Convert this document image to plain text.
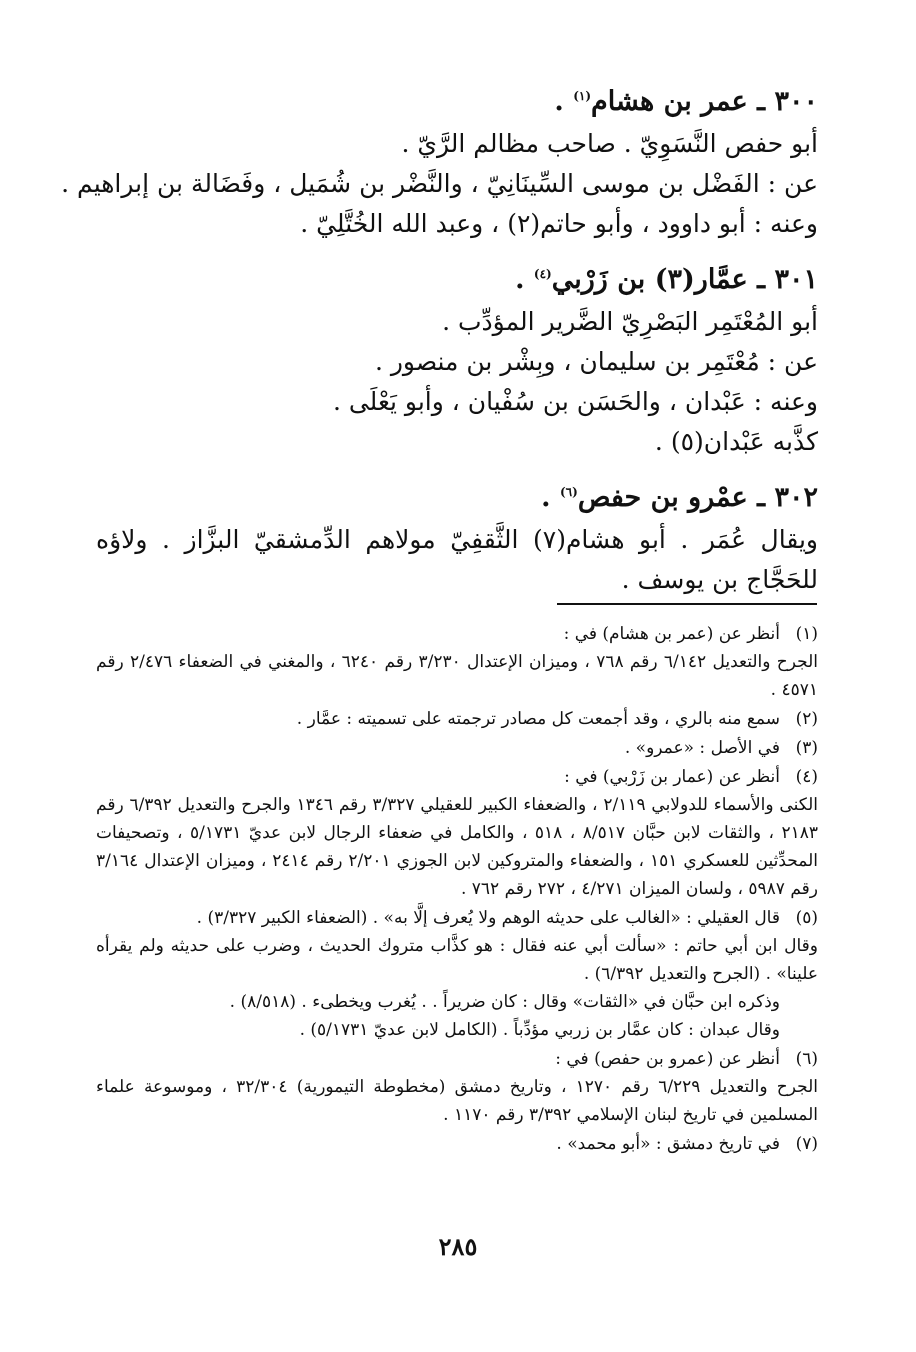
٣٠٠ ـ عمر بن هشام$^{(١)}$ .
أبو حفص النَّسَوِيّ . صاحب مظالم الرَّيّ .
عن : الفَضْل بن موسى السِّينَانِيّ ، والنَّضْر بن شُمَيل ، وفَضَالة بن إبراهيم .
وعنه : أبو داوود ، وأبو حاتم(٢) ، وعبد الله الخُتَّلِيّ .
٣٠١ ـ عمَّار(٣) بن زَرْبي$^{(٤)}$ .
أبو المُعْتَمِر البَصْرِيّ الضَّرير المؤدِّب .
عن : مُعْتَمِر بن سليمان ، وبِشْر بن منصور .
وعنه : عَبْدان ، والحَسَن بن سُفْيان ، وأبو يَعْلَى .
كذَّبه عَبْدان(٥) .
٣٠٢ ـ عمْرو بن حفص$^{(٦)}$ .
ويقال عُمَر . أبو هشام(٧) الثَّقفِيّ مولاهم الدِّمشقيّ البزَّاز . ولاؤه للحَجَّاج بن يوسف .
(١)
أنظر عن (عمر بن هشام) في :
الجرح والتعديل ٦/١٤٢ رقم ٧٦٨ ، وميزان الإعتدال ٣/٢٣٠ رقم ٦٢٤٠ ، والمغني في الضعفاء ٢/٤٧٦ رقم ٤٥٧١ .
(٢)
سمع منه بالري ، وقد أجمعت كل مصادر ترجمته على تسميته : عمَّار .
(٣)
في الأصل : «عمرو» .
(٤)
أنظر عن (عمار بن زَرْبي) في :
الكنى والأسماء للدولابي ٢/١١٩ ، والضعفاء الكبير للعقيلي ٣/٣٢٧ رقم ١٣٤٦ والجرح والتعديل ٦/٣٩٢ رقم ٢١٨٣ ، والثقات لابن حبَّان ٨/٥١٧ ، ٥١٨ ، والكامل في ضعفاء الرجال لابن عديّ ٥/١٧٣١ ، وتصحيفات المحدِّثين للعسكري ١٥١ ، والضعفاء والمتروكين لابن الجوزي ٢/٢٠١ رقم ٢٤١٤ ، وميزان الإعتدال ٣/١٦٤ رقم ٥٩٨٧ ، ولسان الميزان ٤/٢٧١ ، ٢٧٢ رقم ٧٦٢ .
(٥)
قال العقيلي : «الغالب على حديثه الوهم ولا يُعرف إلَّا به» . (الضعفاء الكبير ٣/٣٢٧) .
وقال ابن أبي حاتم : «سألت أبي عنه فقال : هو كذَّاب متروك الحديث ، وضرب على حديثه ولم يقرأه علينا» . (الجرح والتعديل ٦/٣٩٢) .
وذكره ابن حبَّان في «الثقات» وقال : كان ضريراً . . يُغرب ويخطىء . (٨/٥١٨) .
وقال عبدان : كان عمَّار بن زربي مؤدِّباً . (الكامل لابن عديّ ٥/١٧٣١) .
(٦)
أنظر عن (عمرو بن حفص) في :
الجرح والتعديل ٦/٢٢٩ رقم ١٢٧٠ ، وتاريخ دمشق (مخطوطة التيمورية) ٣٢/٣٠٤ ، وموسوعة علماء المسلمين في تاريخ لبنان الإسلامي ٣/٣٩٢ رقم ١١٧٠ .
(٧)
في تاريخ دمشق : «أبو محمد» .
٢٨٥
